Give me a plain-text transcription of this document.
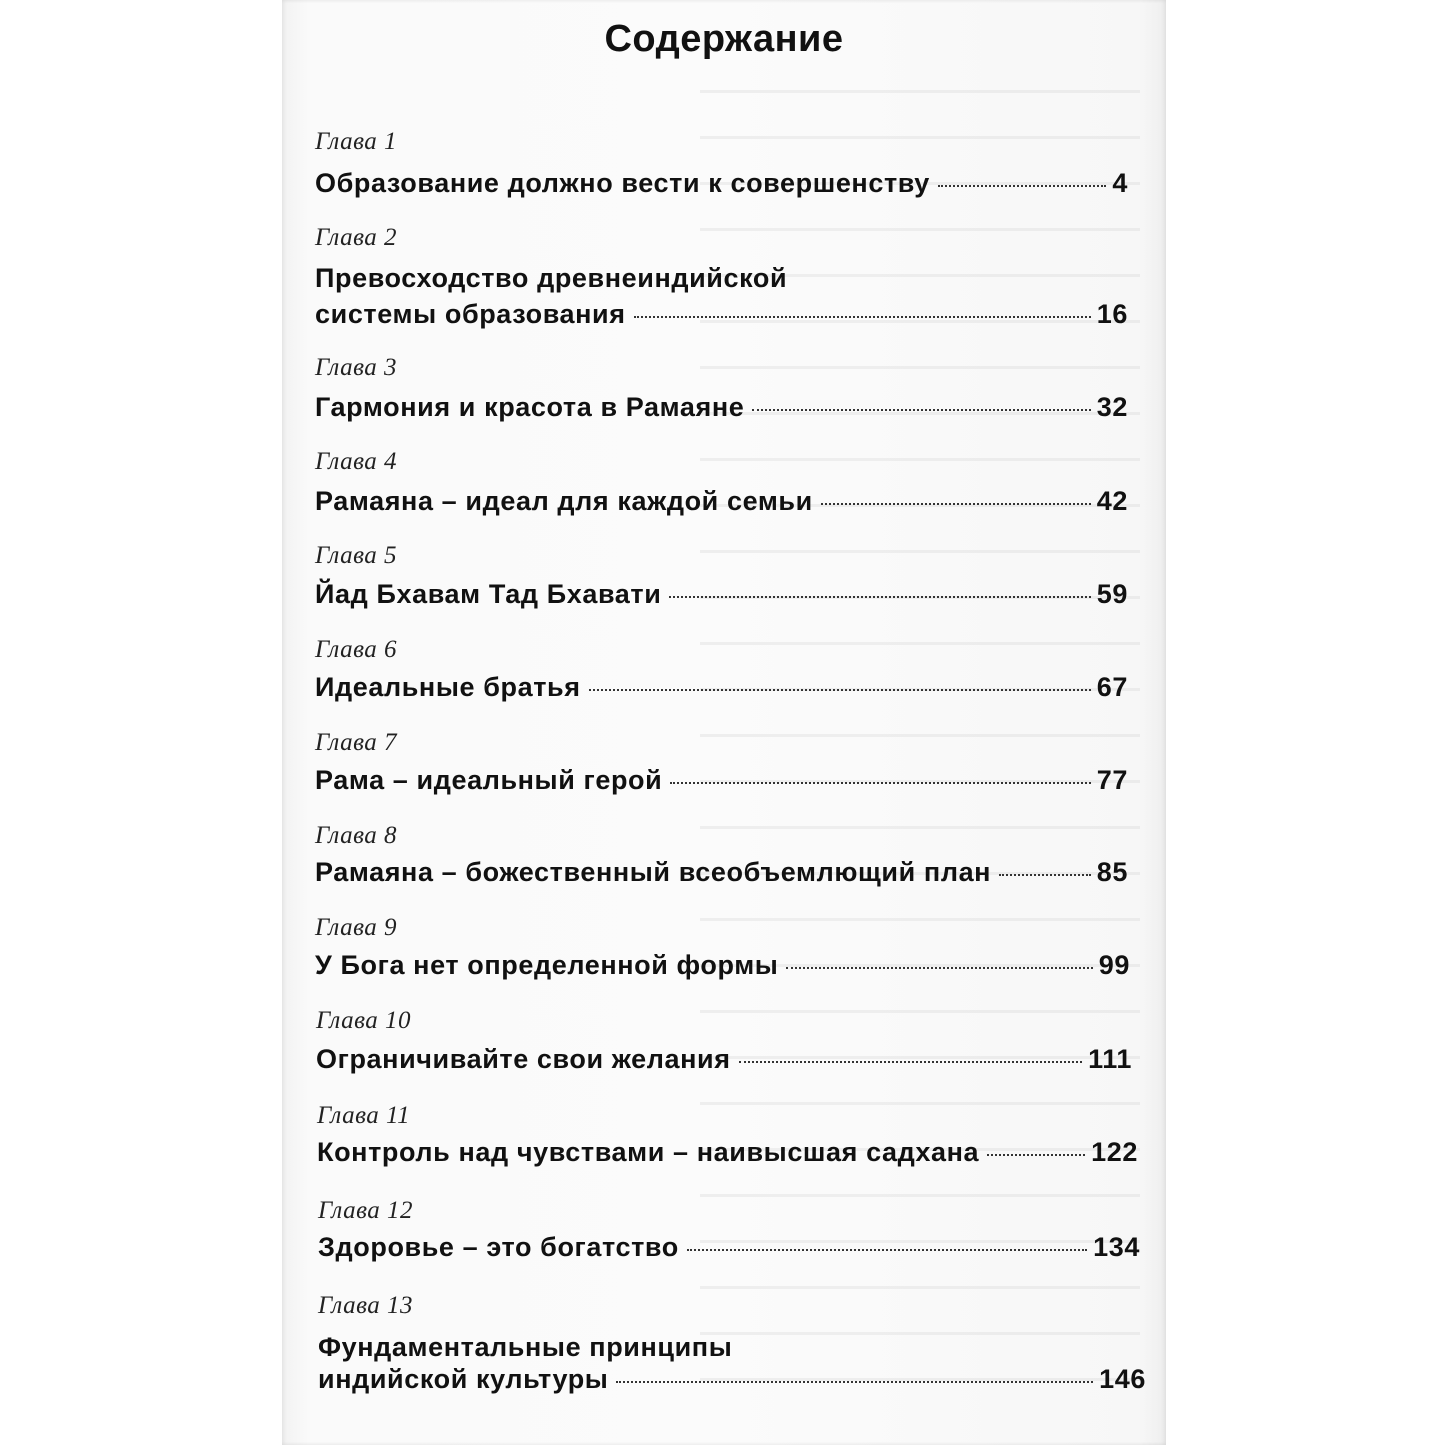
Содержание
Глава 1
Образование должно вести к совершенству	4
Глава 2
Превосходство древнеиндийской
системы образования	16
Глава 3
Гармония и красота в Рамаяне	32
Глава 4
Рамаяна – идеал для каждой семьи	42
Глава 5
Йад Бхавам Тад Бхавати	59
Глава 6
Идеальные братья	67
Глава 7
Рама – идеальный герой	77
Глава 8
Рамаяна – божественный всеобъемлющий план	85
Глава 9
У Бога нет определенной формы	99
Глава 10
Ограничивайте свои желания	111
Глава 11
Контроль над чувствами – наивысшая садхана	122
Глава 12
Здоровье – это богатство	134
Глава 13
Фундаментальные принципы
индийской культуры	146
